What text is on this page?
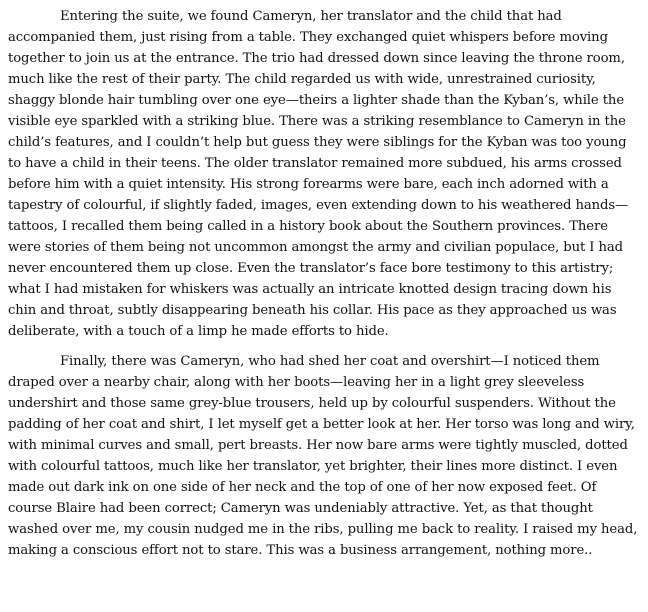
Entering the suite, we found Cameryn, her translator and the child that had accompanied them, just rising from a table. They exchanged quiet whispers before moving together to join us at the entrance. The trio had dressed down since leaving the throne room, much like the rest of their party. The child regarded us with wide, unrestrained curiosity, shaggy blonde hair tumbling over one eye—theirs a lighter shade than the Kyban’s, while the visible eye sparkled with a striking blue. There was a striking resemblance to Cameryn in the child’s features, and I couldn’t help but guess they were siblings for the Kyban was too young to have a child in their teens. The older translator remained more subdued, his arms crossed before him with a quiet intensity. His strong forearms were bare, each inch adorned with a tapestry of colourful, if slightly faded, images, even extending down to his weathered hands—tattoos, I recalled them being called in a history book about the Southern provinces. There were stories of them being not uncommon amongst the army and civilian populace, but I had never encountered them up close. Even the translator’s face bore testimony to this artistry; what I had mistaken for whiskers was actually an intricate knotted design tracing down his chin and throat, subtly disappearing beneath his collar. His pace as they approached us was deliberate, with a touch of a limp he made efforts to hide.

Finally, there was Cameryn, who had shed her coat and overshirt—I noticed them draped over a nearby chair, along with her boots—leaving her in a light grey sleeveless undershirt and those same grey-blue trousers, held up by colourful suspenders. Without the padding of her coat and shirt, I let myself get a better look at her. Her torso was long and wiry, with minimal curves and small, pert breasts. Her now bare arms were tightly muscled, dotted with colourful tattoos, much like her translator, yet brighter, their lines more distinct. I even made out dark ink on one side of her neck and the top of one of her now exposed feet. Of course Blaire had been correct; Cameryn was undeniably attractive. Yet, as that thought washed over me, my cousin nudged me in the ribs, pulling me back to reality. I raised my head, making a conscious effort not to stare. This was a business arrangement, nothing more..
